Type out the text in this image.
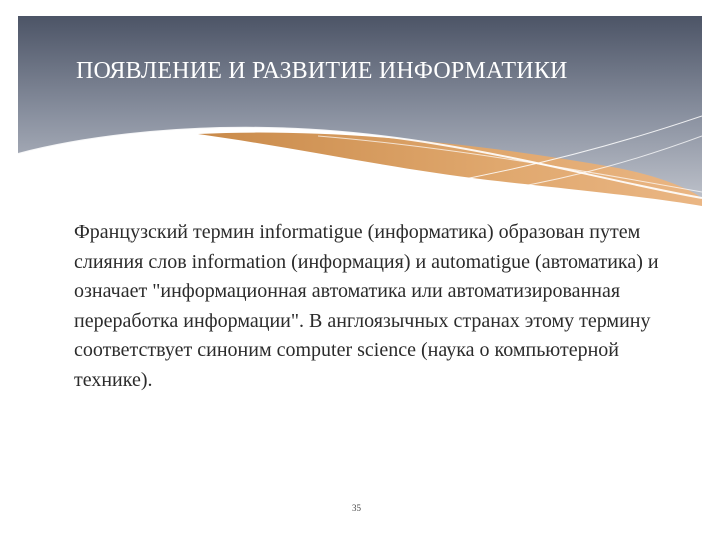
ПОЯВЛЕНИЕ И РАЗВИТИЕ ИНФОРМАТИКИ

Французский термин informatigue (информатика) образован путем слияния слов information (информация) и automatigue (автоматика) и означает "информационная автоматика или автоматизированная переработка информации". В англоязычных странах этому термину соответствует синоним computer science (наука о компьютерной технике).

35
